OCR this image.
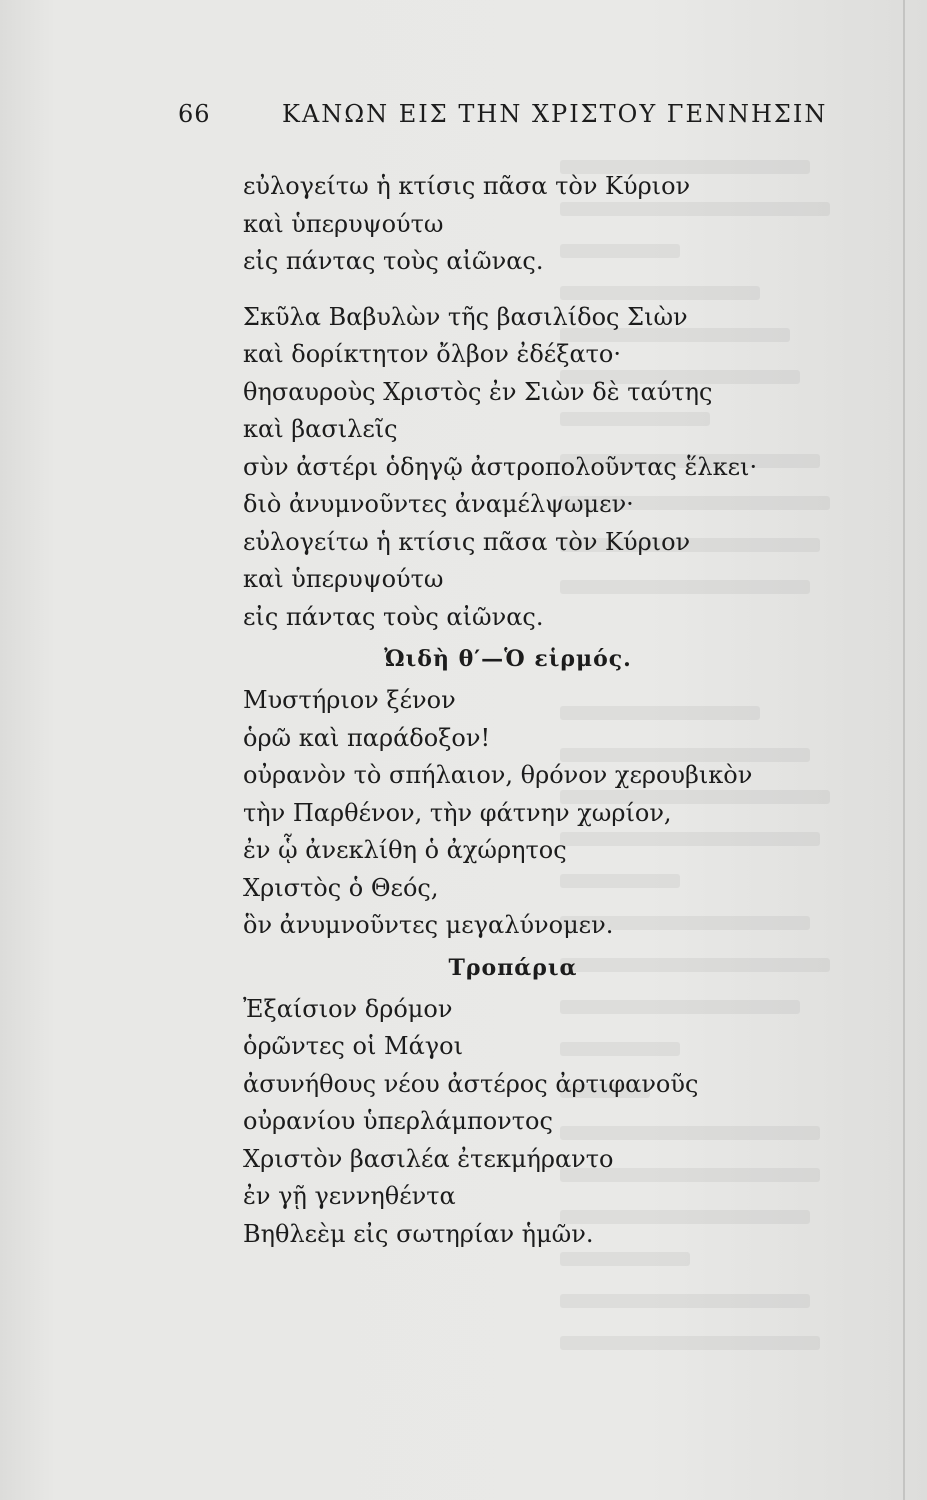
66	ΚΑΝΩΝ ΕΙΣ ΤΗΝ ΧΡΙΣΤΟΥ ΓΕΝΝΗΣΙΝ
εὐλογείτω ἡ κτίσις πᾶσα τὸν Κύριον
καὶ ὑπερυψούτω
εἰς πάντας τοὺς αἰῶνας.
Σκῦλα Βαβυλὼν τῆς βασιλίδος Σιὼν
καὶ δορίκτητον ὄλβον ἐδέξατο·
θησαυροὺς Χριστὸς ἐν Σιὼν δὲ ταύτης
καὶ βασιλεῖς
σὺν ἀστέρι ὁδηγῷ ἀστροπολοῦντας ἕλκει·
διὸ ἀνυμνοῦντες ἀναμέλψωμεν·
εὐλογείτω ἡ κτίσις πᾶσα τὸν Κύριον
καὶ ὑπερυψούτω
εἰς πάντας τοὺς αἰῶνας.
Ὠιδὴ θ′—Ὁ εἱρμός.
Μυστήριον ξένον
ὁρῶ καὶ παράδοξον!
οὐρανὸν τὸ σπήλαιον, θρόνον χερουβικὸν
τὴν Παρθένον, τὴν φάτνην χωρίον,
ἐν ᾧ ἀνεκλίθη ὁ ἀχώρητος
Χριστὸς ὁ Θεός,
ὃν ἀνυμνοῦντες μεγαλύνομεν.
Τροπάρια
Ἐξαίσιον δρόμον
ὁρῶντες οἱ Μάγοι
ἀσυνήθους νέου ἀστέρος ἀρτιφανοῦς
οὐρανίου ὑπερλάμποντος
Χριστὸν βασιλέα ἐτεκμήραντο
ἐν γῇ γεννηθέντα
Βηθλεὲμ εἰς σωτηρίαν ἡμῶν.
